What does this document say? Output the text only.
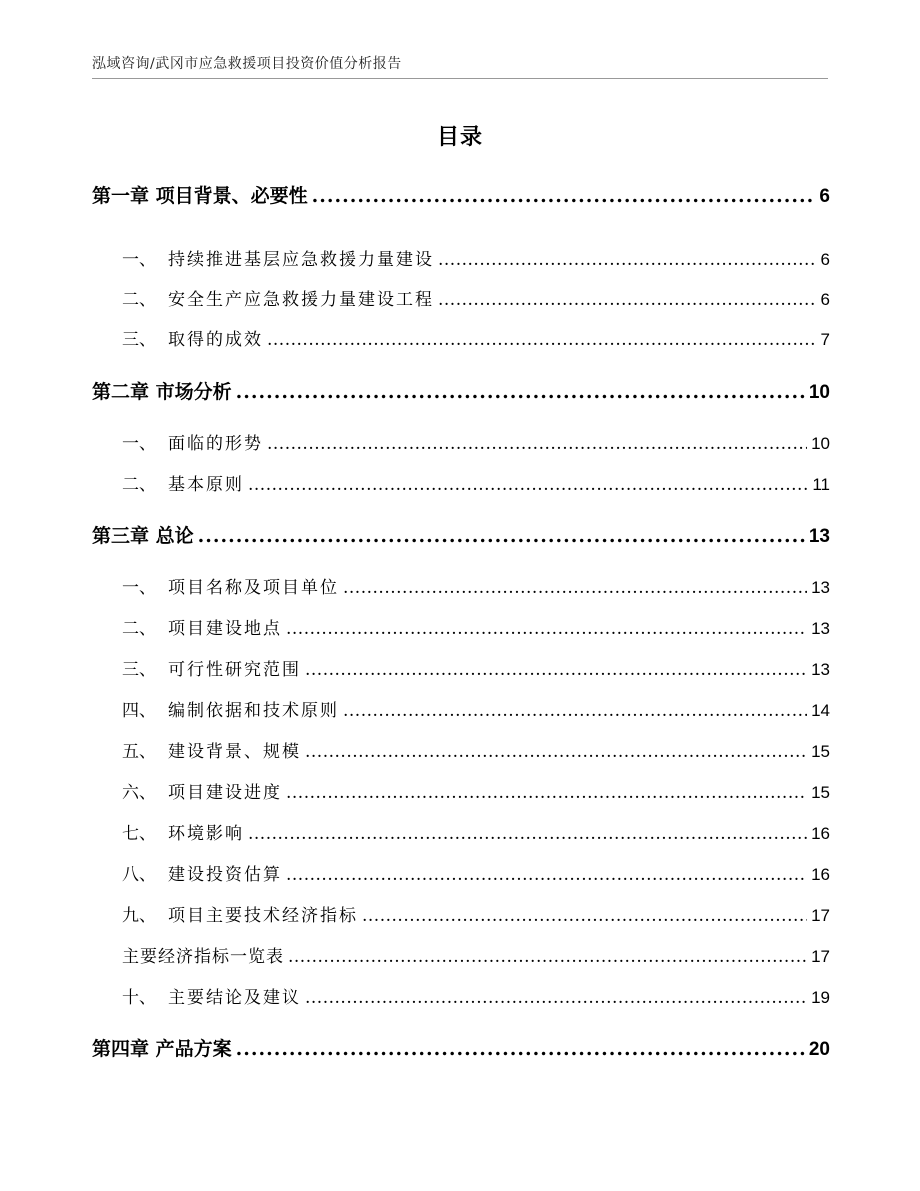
泓域咨询/武冈市应急救援项目投资价值分析报告
目录
第一章 项目背景、必要性 .....	6
一、 持续推进基层应急救援力量建设 .....	6
二、 安全生产应急救援力量建设工程 .....	6
三、 取得的成效 .....	7
第二章 市场分析 .....	10
一、 面临的形势 .....	10
二、 基本原则 .....	11
第三章 总论 .....	13
一、 项目名称及项目单位 .....	13
二、 项目建设地点 .....	13
三、 可行性研究范围 .....	13
四、 编制依据和技术原则 .....	14
五、 建设背景、规模 .....	15
六、 项目建设进度 .....	15
七、 环境影响 .....	16
八、 建设投资估算 .....	16
九、 项目主要技术经济指标 .....	17
主要经济指标一览表 .....	17
十、 主要结论及建议 .....	19
第四章 产品方案 .....	20
